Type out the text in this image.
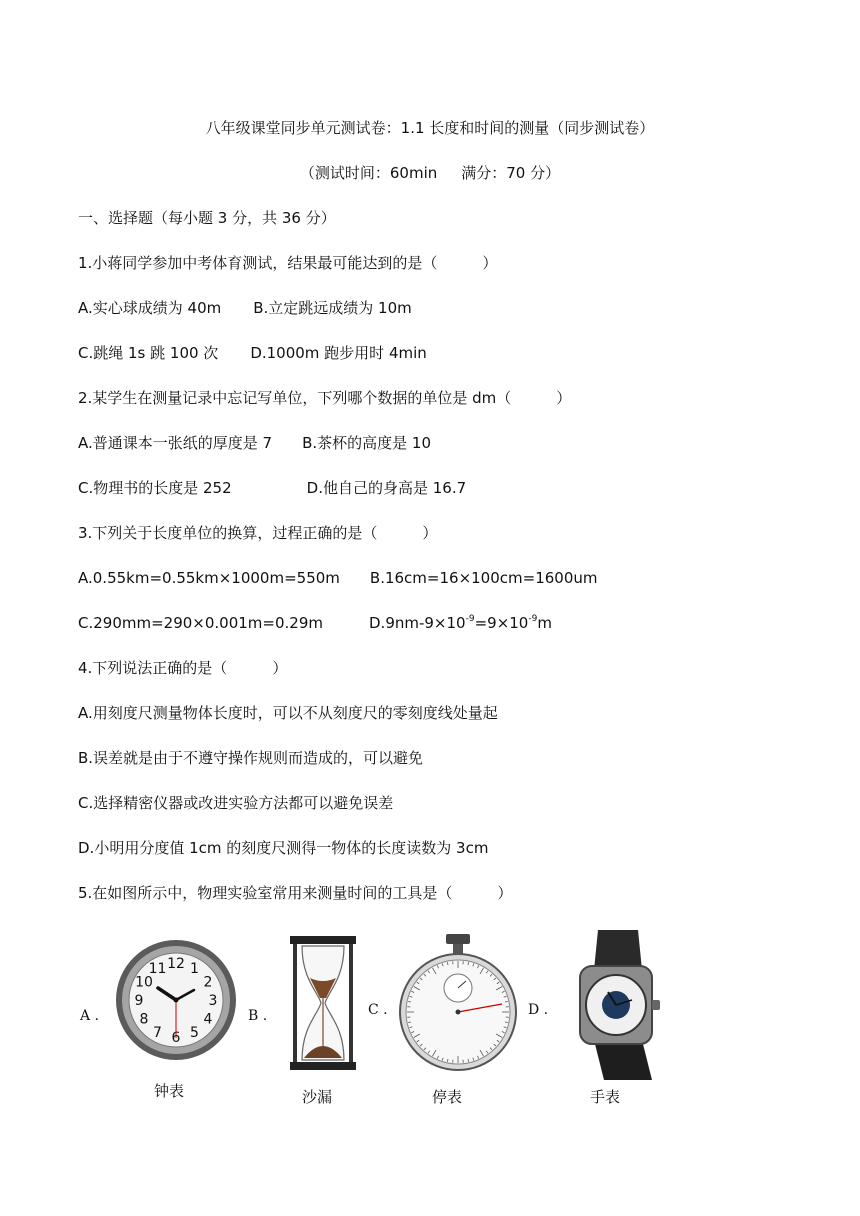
八年级课堂同步单元测试卷：1.1 长度和时间的测量（同步测试卷）
（测试时间：60min 满分：70 分）
一、选择题（每小题 3 分，共 36 分）
1.小蒋同学参加中考体育测试，结果最可能达到的是（　　　）
A.实心球成绩为 40m B.立定跳远成绩为 10m
C.跳绳 1s 跳 100 次 D.1000m 跑步用时 4min
2.某学生在测量记录中忘记写单位，下列哪个数据的单位是 dm（　　　）
A.普通课本一张纸的厚度是 7 B.茶杯的高度是 10
C.物理书的长度是 252	D.他自己的身高是 16.7
3.下列关于长度单位的换算，过程正确的是（　　　）
A.0.55km=0.55km×1000m=550m B.16cm=16×100cm=1600um
C.290mm=290×0.001m=0.29m	$D.9nm-9\times 10^{-9}=9\times 10^{-9}m$
4.下列说法正确的是（　　　）
A.用刻度尺测量物体长度时，可以不从刻度尺的零刻度线处量起
B.误差就是由于不遵守操作规则而造成的，可以避免
C.选择精密仪器或改进实验方法都可以避免误差
D.小明用分度值 1cm 的刻度尺测得一物体的长度读数为 3cm
5.在如图所示中，物理实验室常用来测量时间的工具是（　　　）
A .
12 1
2
3
4
5
6
7
8
9
10
11
钟表
B .
沙漏
C .
停表
D .
手表
